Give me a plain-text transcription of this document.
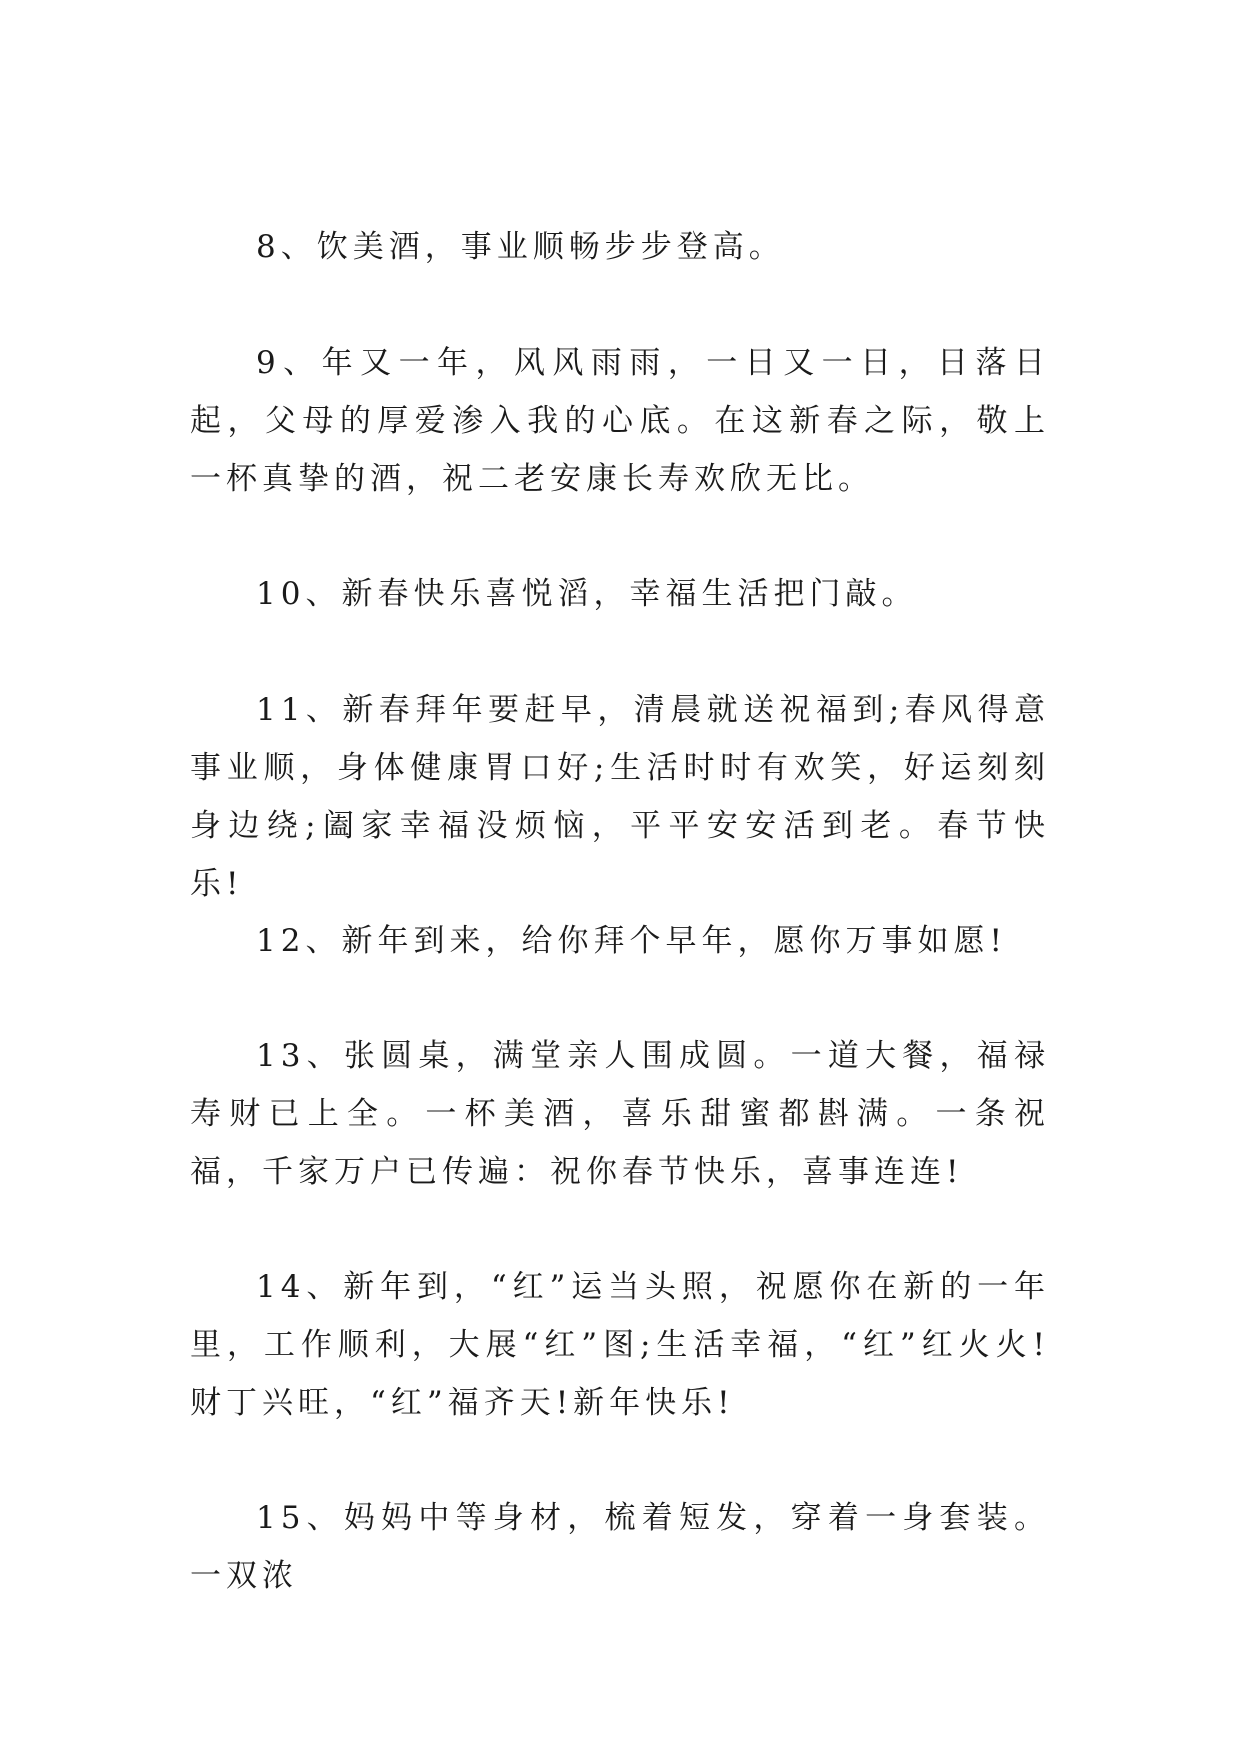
8、饮美酒，事业顺畅步步登高。

9、年又一年，风风雨雨，一日又一日，日落日起，父母的厚爱渗入我的心底。在这新春之际，敬上一杯真挚的酒，祝二老安康长寿欢欣无比。

10、新春快乐喜悦滔，幸福生活把门敲。

11、新春拜年要赶早，清晨就送祝福到;春风得意事业顺，身体健康胃口好;生活时时有欢笑，好运刻刻身边绕;阖家幸福没烦恼，平平安安活到老。春节快乐!

12、新年到来，给你拜个早年，愿你万事如愿!

13、张圆桌，满堂亲人围成圆。一道大餐，福禄寿财已上全。一杯美酒，喜乐甜蜜都斟满。一条祝福，千家万户已传遍：祝你春节快乐，喜事连连!

14、新年到，“红”运当头照，祝愿你在新的一年里，工作顺利，大展“红”图;生活幸福，“红”红火火!财丁兴旺，“红”福齐天!新年快乐!

15、妈妈中等身材，梳着短发，穿着一身套装。一双浓
